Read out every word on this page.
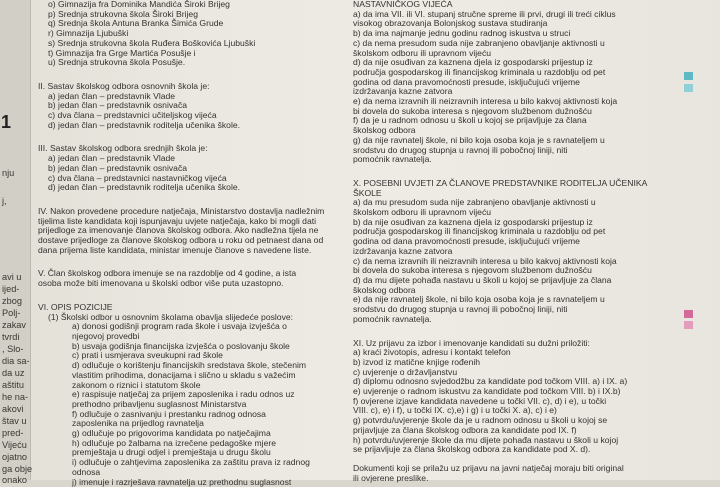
nju
j,
avi u
ijed-
zbog
Polj-
zakav
tvrdi
, Slo-
dia sa-
da uz
aštitu
he na-
akovi
štav u
pred-
Vijeću
ojatno
ga obje
onako
1

o) Gimnazija fra Dominika Mandića Široki Brijeg

p) Srednja strukovna škola Široki Brijeg

q) Srednja škola Antuna Branka Šimića Grude

r) Gimnazija Ljubuški

s) Srednja strukovna škola Ruđera Boškovića Ljubuški

t) Gimnazija fra Grge Martića Posušje i

u) Srednja strukovna škola Posušje.

II. Sastav školskog odbora osnovnih škola je:

a) jedan član – predstavnik Vlade

b) jedan član – predstavnik osnivača

c) dva člana – predstavnici učiteljskog vijeća

d) jedan član – predstavnik roditelja učenika škole.

III. Sastav školskog odbora srednjih škola je:

a) jedan član – predstavnik Vlade

b) jedan član – predstavnik osnivača

c) dva člana – predstavnici nastavničkog vijeća

d) jedan član – predstavnik roditelja učenika škole.

IV. Nakon provedene procedure natječaja, Ministarstvo dostavlja nadležnim

tijelima liste kandidata koji ispunjavaju uvjete natječaja, kako bi mogli dati

prijedloge za imenovanje članova školskog odbora. Ako nadležna tijela ne

dostave prijedloge za članove školskog odbora u roku od petnaest dana od

dana prijema liste kandidata, ministar imenuje članove s navedene liste.

V. Član školskog odbora imenuje se na razdoblje od 4 godine, a ista

osoba može biti imenovana u školski odbor više puta uzastopno.

VI. OPIS POZICIJE

(1) Školski odbor u osnovnim školama obavlja slijedeće poslove:

a) donosi godišnji program rada škole i usvaja izvješća o

njegovoj provedbi

b) usvaja godišnja financijska izvješća o poslovanju škole

c) prati i usmjerava sveukupni rad škole

d) odlučuje o korištenju financijskih sredstava škole, stečenim

vlastitim prihodima, donacijama i slično u skladu s važećim

zakonom o riznici i statutom škole

e) raspisuje natječaj za prijem zaposlenika i radu odnos uz

prethodno pribavljenu suglasnost Ministarstva

f) odlučuje o zasnivanju i prestanku radnog odnosa

zaposlenika na prijedlog ravnatelja

g) odlučuje po prigovorima kandidata po natječajima

h) odlučuje po žalbama na izrečene pedagoške mjere

premještaja u drugi odjel i premještaja u drugu školu

i) odlučuje o zahtjevima zaposlenika za zaštitu prava iz radnog

odnosa

j) imenuje i razrješava ravnatelja uz prethodnu suglasnost

NASTAVNIČKOG VIJEĆA

a) da ima VII. ili VI. stupanj stručne spreme ili prvi, drugi ili treći ciklus

visokog obrazovanja Bolonjskog sustava studiranja

b) da ima najmanje jednu godinu radnog iskustva u struci

c) da nema presudom suda nije zabranjeno obavljanje aktivnosti u

školskom odboru ili upravnom vijeću

d) da nije osuđivan za kaznena djela iz gospodarski prijestup iz

područja gospodarskog ili financijskog kriminala u razdoblju od pet

godina od dana pravomoćnosti presude, isključujući vrijeme

izdržavanja kazne zatvora

e) da nema izravnih ili neizravnih interesa u bilo kakvoj aktivnosti koja

bi dovela do sukoba interesa s njegovom službenom dužnošću

f) da je u radnom odnosu u školi u kojoj se prijavljuje za člana

školskog odbora

g) da nije ravnatelj škole, ni bilo koja osoba koja je s ravnateljem u

srodstvu do drugog stupnja u ravnoj ili pobočnoj liniji, niti

pomoćnik ravnatelja.

X. POSEBNI UVJETI ZA ČLANOVE PREDSTAVNIKE RODITELJA UČENIKA

ŠKOLE

a) da mu presudom suda nije zabranjeno obavljanje aktivnosti u

školskom odboru ili upravnom vijeću

b) da nije osuđivan za kaznena djela iz gospodarski prijestup iz

područja gospodarskog ili financijskog kriminala u razdoblju od pet

godina od dana pravomoćnosti presude, isključujući vrijeme

izdržavanja kazne zatvora

c) da nema izravnih ili neizravnih interesa u bilo kakvoj aktivnosti koja

bi dovela do sukoba interesa s njegovom službenom dužnošću

d) da mu dijete pohađa nastavu u školi u kojoj se prijavljuje za člana

školskog odbora

e) da nije ravnatelj škole, ni bilo koja osoba koja je s ravnateljem u

srodstvu do drugog stupnja u ravnoj ili pobočnoj liniji, niti

pomoćnik ravnatelja.

XI. Uz prijavu za izbor i imenovanje kandidati su dužni priložiti:

a) kraći životopis, adresu i kontakt telefon

b) izvod iz matične knjige rođenih

c) uvjerenje o državljanstvu

d) diplomu odnosno svjedodžbu za kandidate pod točkom VIII. a) i IX. a)

e) uvjerenje o radnom iskustvu za kandidate pod točkom VIII. b) i IX.b)

f) ovjerene izjave kandidata navedene u točki VII. c), d) i e), u točki

VIII. c), e) i f), u točki IX. c),e) i g) i u točki X. a), c) i e)

g) potvrdu/uvjerenje škole da je u radnom odnosu u školi u kojoj se

prijavljuje za člana školskog odbora za kandidate pod IX. f)

h) potvrdu/uvjerenje škole da mu dijete pohađa nastavu u školi u kojoj

se prijavljuje za člana školskog odbora za kandidate pod X. d).

Dokumenti koji se prilažu uz prijavu na javni natječaj moraju biti original

ili ovjerene preslike.
